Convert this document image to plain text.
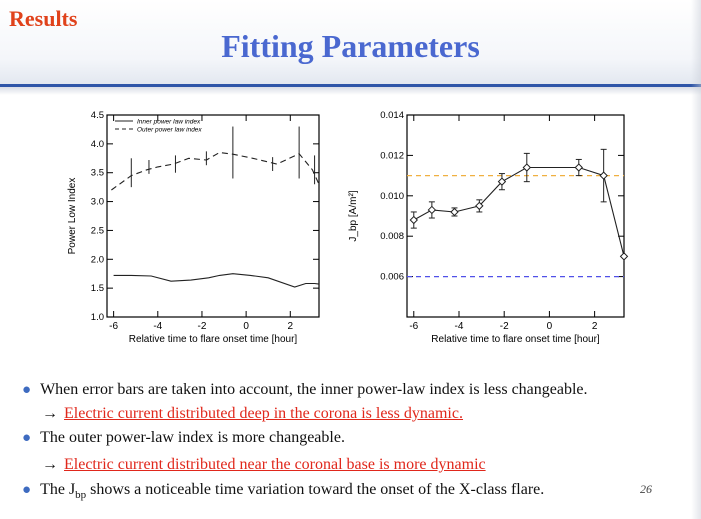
Results
Fitting Parameters
-6	-4	-2	0	2
1.0
1.5
2.0
2.5
3.0
3.5
4.0
4.5
Relative time to flare onset time [hour]
Power Low Index
Inner power law index
Outer power law index
-6	-4	-2	0	2
0.006
0.008
0.010
0.012
0.014
Relative time to flare onset time [hour]
J_bp [A/m²]
● When error bars are taken into account, the inner power-law index is less changeable.
→ Electric current distributed deep in the corona is less dynamic.
● The outer power-law index is more changeable.
→ Electric current distributed near the coronal base is more dynamic
● The $J_{bp}$ shows a noticeable time variation toward the onset of the X-class flare.	26
